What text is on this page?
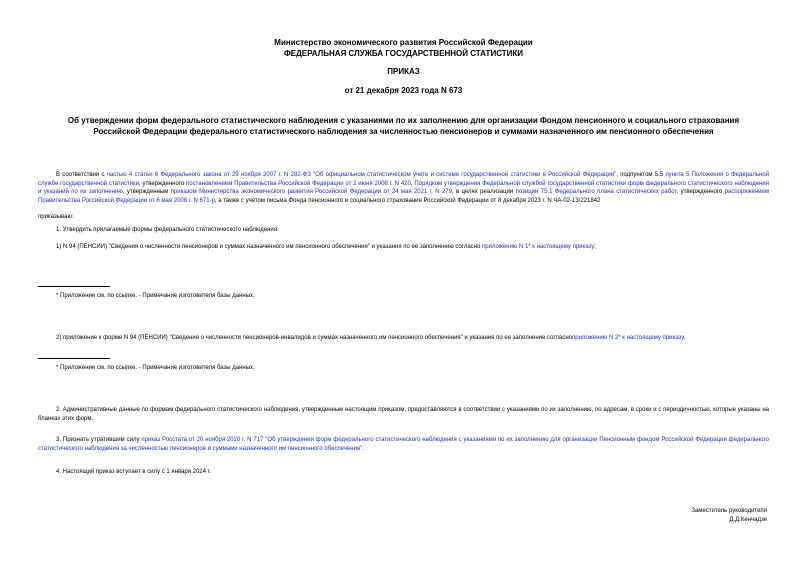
Министерство экономического развития Российской Федерации
ФЕДЕРАЛЬНАЯ СЛУЖБА ГОСУДАРСТВЕННОЙ СТАТИСТИКИ
ПРИКАЗ
от 21 декабря 2023 года N 673
Об утверждении форм федерального статистического наблюдения с указаниями по их заполнению для организации Фондом пенсионного и социального страхования Российской Федерации федерального статистического наблюдения за численностью пенсионеров и суммами назначенного им пенсионного обеспечения
В соответствии с частью 4 статьи 6 Федерального закона от 29 ноября 2007 г. N 282-ФЗ "Об официальном статистическом учете и системе государственной статистики в Российской Федерации", подпунктом 5.5 пункта 5 Положения о Федеральной службе государственной статистики, утвержденного постановлением Правительства Российской Федерации от 2 июня 2008 г. N 420, Порядком утверждения Федеральной службой государственной статистики форм федерального статистического наблюдения и указаний по их заполнению, утвержденным приказом Министерства экономического развития Российской Федерации от 24 мая 2021 г. N 279, в целях реализации позиции 75.1 Федерального плана статистических работ, утвержденного распоряжением Правительства Российской Федерации от 6 мая 2008 г. N 671-р, а также с учетом письма Фонда пенсионного и социального страхования Российской Федерации от 8 декабря 2023 г. N ЧА-02-13/221842
приказываю:
1. Утвердить прилагаемые формы федерального статистического наблюдения:
1) N 94 (ПЕНСИИ) "Сведения о численности пенсионеров и суммах назначенного им пенсионного обеспечения" и указания по ее заполнению согласно приложению N 1* к настоящему приказу;
* Приложение см. по ссылке. - Примечание изготовителя базы данных.
2) приложение к форме N 94 (ПЕНСИИ) "Сведения о численности пенсионеров-инвалидов и суммах назначенного им пенсионного обеспечения" и указания по ее заполнение согласноприложению N 2* к настоящему приказу.
* Приложение см. по ссылке. - Примечание изготовителя базы данных.
2. Административные данные по формам федерального статистического наблюдения, утвержденным настоящим приказом, предоставляются в соответствии с указаниями по их заполнению, по адресам, в сроки и с периодичностью, которые указаны на бланках этих форм.
3. Признать утратившим силу приказ Росстата от 20 ноября 2020 г. N 717 "Об утверждении форм федерального статистического наблюдения с указаниями по их заполнению для организации Пенсионным фондом Российской Федерации федерального статистического наблюдения за численностью пенсионеров и суммами назначенного им пенсионного обеспечения".
4. Настоящий приказ вступает в силу с 1 января 2024 г.
Заместитель руководителя
Д.Д.Кенчадзе
